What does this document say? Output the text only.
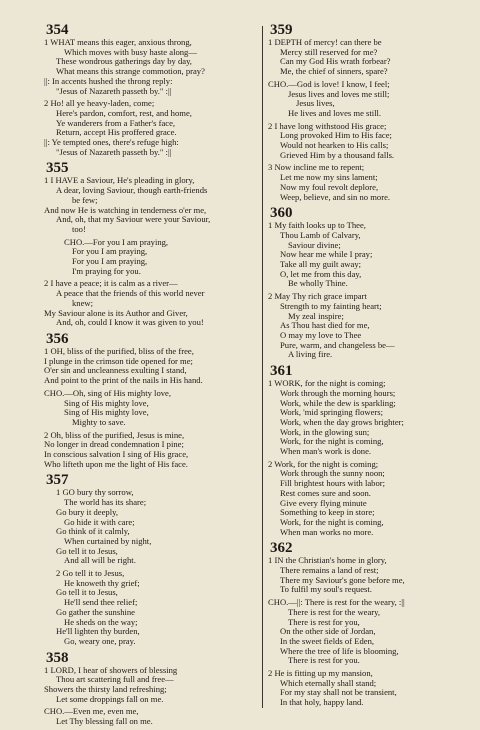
354
1 WHAT means this eager, anxious throng,
Which moves with busy haste along—
These wondrous gatherings day by day,
What means this strange commotion, pray?
||: In accents hushed the throng reply:
"Jesus of Nazareth passeth by." :||
2 Ho! all ye heavy-laden, come;
Here's pardon, comfort, rest, and home,
Ye wanderers from a Father's face,
Return, accept His proffered grace.
||: Ye tempted ones, there's refuge high:
"Jesus of Nazareth passeth by." :||
355
1 I HAVE a Saviour, He's pleading in glory,
A dear, loving Saviour, though earth-friends
be few;
And now He is watching in tenderness o'er me,
And, oh, that my Saviour were your Saviour,
too!
CHO.—For you I am praying,
For you I am praying,
For you I am praying,
I'm praying for you.
2 I have a peace; it is calm as a river—
A peace that the friends of this world never
knew;
My Saviour alone is its Author and Giver,
And, oh, could I know it was given to you!
356
1 OH, bliss of the purified, bliss of the free,
I plunge in the crimson tide opened for me;
O'er sin and uncleanness exulting I stand,
And point to the print of the nails in His hand.
CHO.—Oh, sing of His mighty love,
Sing of His mighty love,
Sing of His mighty love,
Mighty to save.
2 Oh, bliss of the purified, Jesus is mine,
No longer in dread condemnation I pine;
In conscious salvation I sing of His grace,
Who lifteth upon me the light of His face.
357
1 GO bury thy sorrow,
The world has its share;
Go bury it deeply,
Go hide it with care;
Go think of it calmly,
When curtained by night,
Go tell it to Jesus,
And all will be right.
2 Go tell it to Jesus,
He knoweth thy grief;
Go tell it to Jesus,
He'll send thee relief;
Go gather the sunshine
He sheds on the way;
He'll lighten thy burden,
Go, weary one, pray.
358
1 LORD, I hear of showers of blessing
Thou art scattering full and free—
Showers the thirsty land refreshing;
Let some droppings fall on me.
CHO.—Even me, even me,
Let Thy blessing fall on me.
359
1 DEPTH of mercy! can there be
Mercy still reserved for me?
Can my God His wrath forbear?
Me, the chief of sinners, spare?
CHO.—God is love! I know, I feel;
Jesus lives and loves me still;
Jesus lives,
He lives and loves me still.
2 I have long withstood His grace;
Long provoked Him to His face;
Would not hearken to His calls;
Grieved Him by a thousand falls.
3 Now incline me to repent;
Let me now my sins lament;
Now my foul revolt deplore,
Weep, believe, and sin no more.
360
1 My faith looks up to Thee,
Thou Lamb of Calvary,
Saviour divine;
Now hear me while I pray;
Take all my guilt away;
O, let me from this day,
Be wholly Thine.
2 May Thy rich grace impart
Strength to my fainting heart;
My zeal inspire;
As Thou hast died for me,
O may my love to Thee
Pure, warm, and changeless be—
A living fire.
361
1 WORK, for the night is coming;
Work through the morning hours;
Work, while the dew is sparkling;
Work, 'mid springing flowers;
Work, when the day grows brighter;
Work, in the glowing sun;
Work, for the night is coming,
When man's work is done.
2 Work, for the night is coming;
Work through the sunny noon;
Fill brightest hours with labor;
Rest comes sure and soon.
Give every flying minute
Something to keep in store;
Work, for the night is coming,
When man works no more.
362
1 IN the Christian's home in glory,
There remains a land of rest;
There my Saviour's gone before me,
To fulfil my soul's request.
CHO.—||: There is rest for the weary, :||
There is rest for the weary,
There is rest for you,
On the other side of Jordan,
In the sweet fields of Eden,
Where the tree of life is blooming,
There is rest for you.
2 He is fitting up my mansion,
Which eternally shall stand;
For my stay shall not be transient,
In that holy, happy land.
